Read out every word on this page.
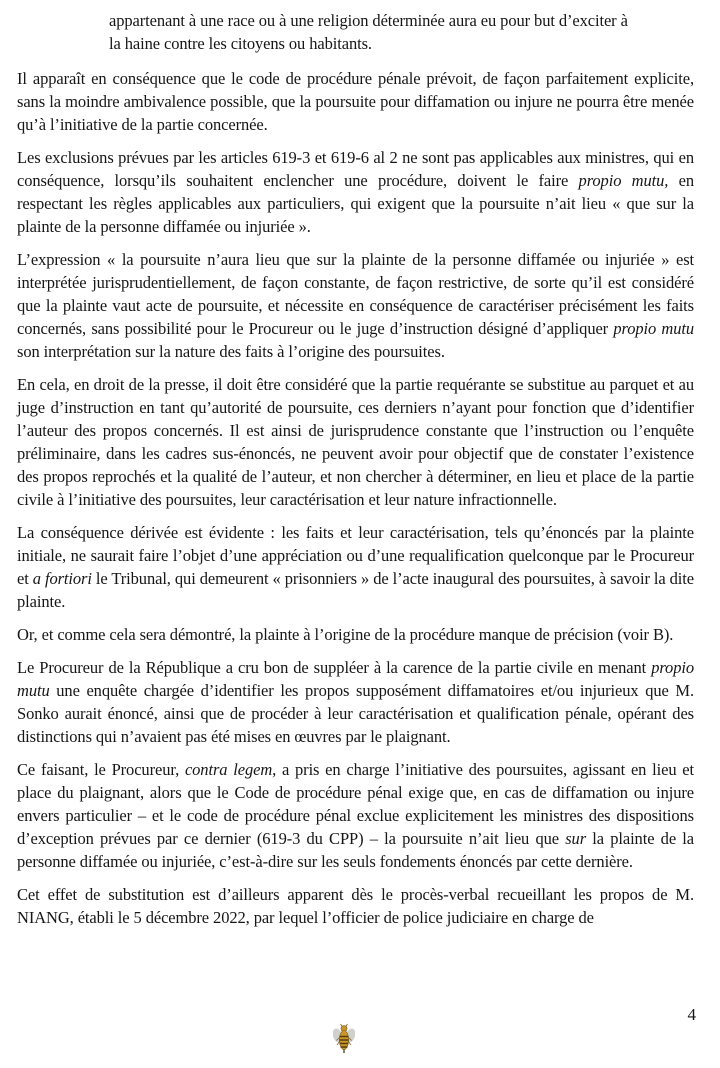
appartenant à une race ou à une religion déterminée aura eu pour but d’exciter à la haine contre les citoyens ou habitants.

Il apparaît en conséquence que le code de procédure pénale prévoit, de façon parfaitement explicite, sans la moindre ambivalence possible, que la poursuite pour diffamation ou injure ne pourra être menée qu’à l’initiative de la partie concernée.

Les exclusions prévues par les articles 619-3 et 619-6 al 2 ne sont pas applicables aux ministres, qui en conséquence, lorsqu’ils souhaitent enclencher une procédure, doivent le faire propio mutu, en respectant les règles applicables aux particuliers, qui exigent que la poursuite n’ait lieu « que sur la plainte de la personne diffamée ou injuriée ».

L’expression « la poursuite n’aura lieu que sur la plainte de la personne diffamée ou injuriée » est interprétée jurisprudentiellement, de façon constante, de façon restrictive, de sorte qu’il est considéré que la plainte vaut acte de poursuite, et nécessite en conséquence de caractériser précisément les faits concernés, sans possibilité pour le Procureur ou le juge d’instruction désigné d’appliquer propio mutu son interprétation sur la nature des faits à l’origine des poursuites.

En cela, en droit de la presse, il doit être considéré que la partie requérante se substitue au parquet et au juge d’instruction en tant qu’autorité de poursuite, ces derniers n’ayant pour fonction que d’identifier l’auteur des propos concernés. Il est ainsi de jurisprudence constante que l’instruction ou l’enquête préliminaire, dans les cadres sus-énoncés, ne peuvent avoir pour objectif que de constater l’existence des propos reprochés et la qualité de l’auteur, et non chercher à déterminer, en lieu et place de la partie civile à l’initiative des poursuites, leur caractérisation et leur nature infractionnelle.

La conséquence dérivée est évidente : les faits et leur caractérisation, tels qu’énoncés par la plainte initiale, ne saurait faire l’objet d’une appréciation ou d’une requalification quelconque par le Procureur et a fortiori le Tribunal, qui demeurent « prisonniers » de l’acte inaugural des poursuites, à savoir la dite plainte.

Or, et comme cela sera démontré, la plainte à l’origine de la procédure manque de précision (voir B).

Le Procureur de la République a cru bon de suppléer à la carence de la partie civile en menant propio mutu une enquête chargée d’identifier les propos supposément diffamatoires et/ou injurieux que M. Sonko aurait énoncé, ainsi que de procéder à leur caractérisation et qualification pénale, opérant des distinctions qui n’avaient pas été mises en œuvres par le plaignant.

Ce faisant, le Procureur, contra legem, a pris en charge l’initiative des poursuites, agissant en lieu et place du plaignant, alors que le Code de procédure pénal exige que, en cas de diffamation ou injure envers particulier – et le code de procédure pénal exclue explicitement les ministres des dispositions d’exception prévues par ce dernier (619-3 du CPP) – la poursuite n’ait lieu que sur la plainte de la personne diffamée ou injuriée, c’est-à-dire sur les seuls fondements énoncés par cette dernière.

Cet effet de substitution est d’ailleurs apparent dès le procès-verbal recueillant les propos de M. NIANG, établi le 5 décembre 2022, par lequel l’officier de police judiciaire en charge de

4
